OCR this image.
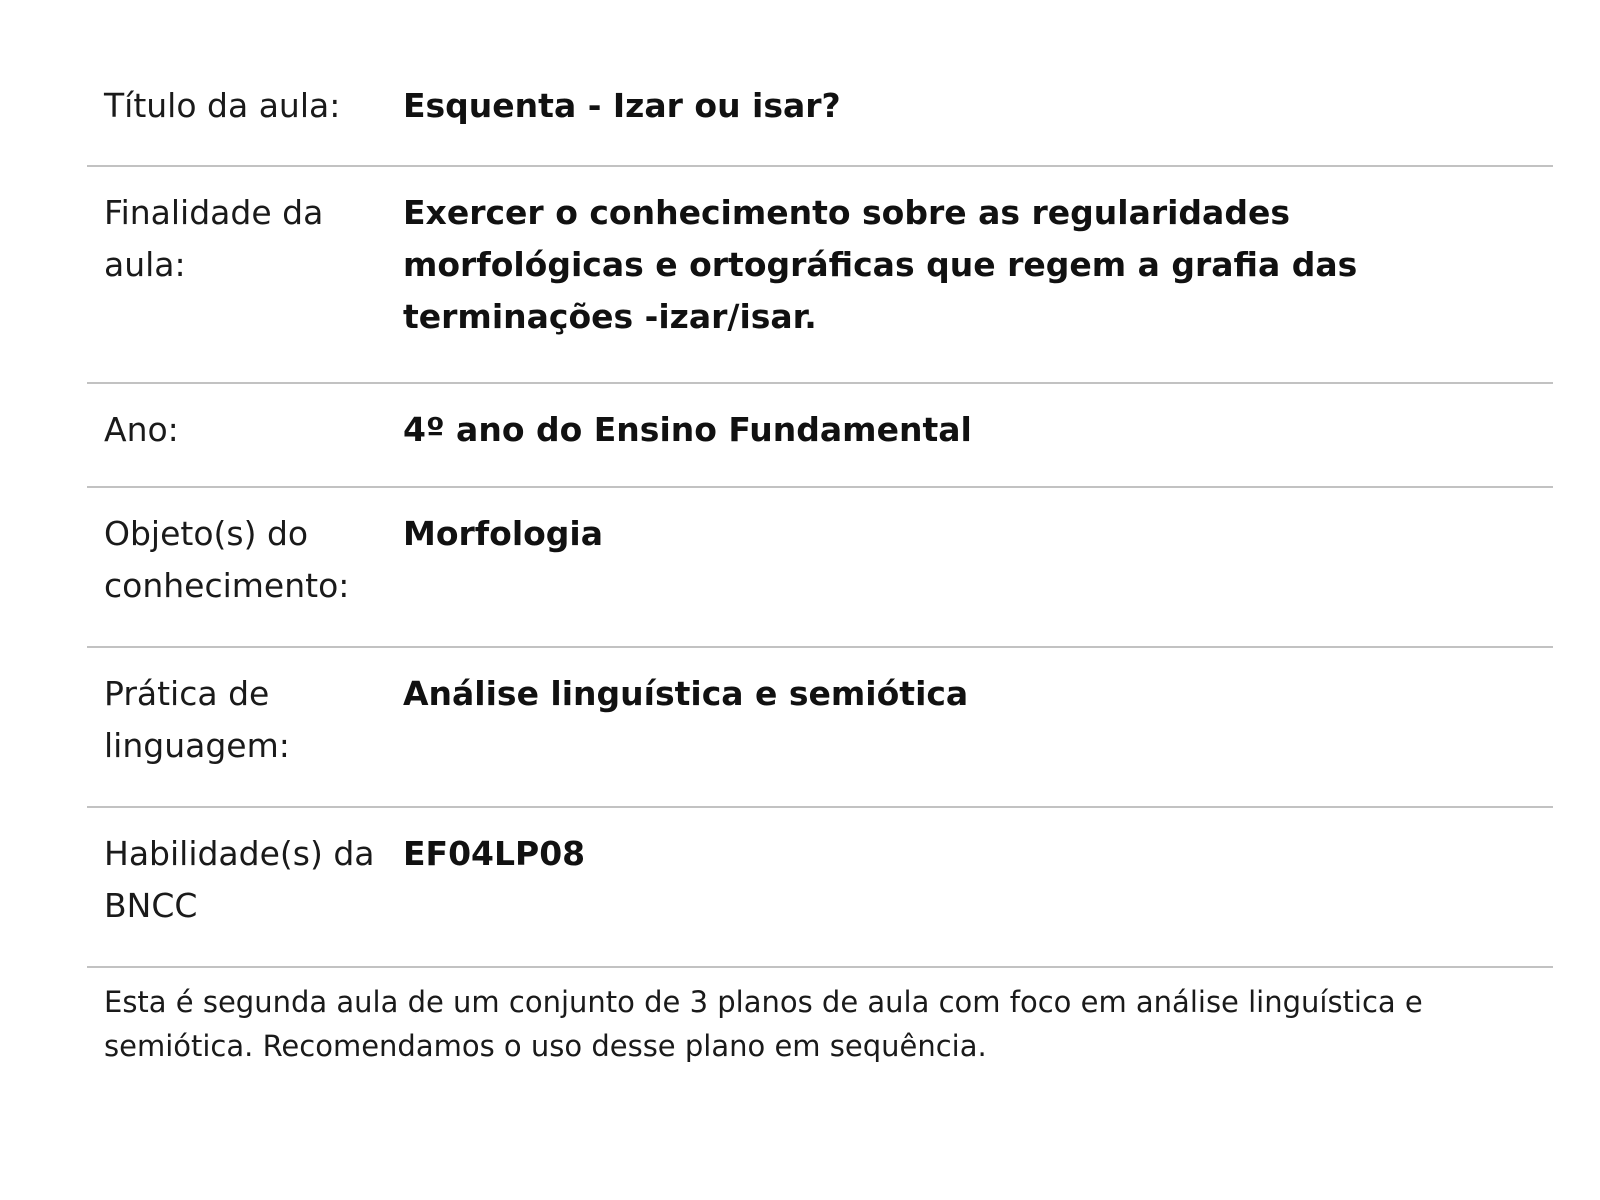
Título da aula:	Esquenta - Izar ou isar?
Finalidade da aula:
Exercer o conhecimento sobre as regularidades morfológicas e ortográficas que regem a grafia das terminações -izar/isar.
Ano:	4º ano do Ensino Fundamental
Objeto(s) do conhecimento:
Morfologia
Prática de linguagem:
Análise linguística e semiótica
Habilidade(s) da BNCC
EF04LP08

Esta é segunda aula de um conjunto de 3 planos de aula com foco em análise linguística e semiótica. Recomendamos o uso desse plano em sequência.
